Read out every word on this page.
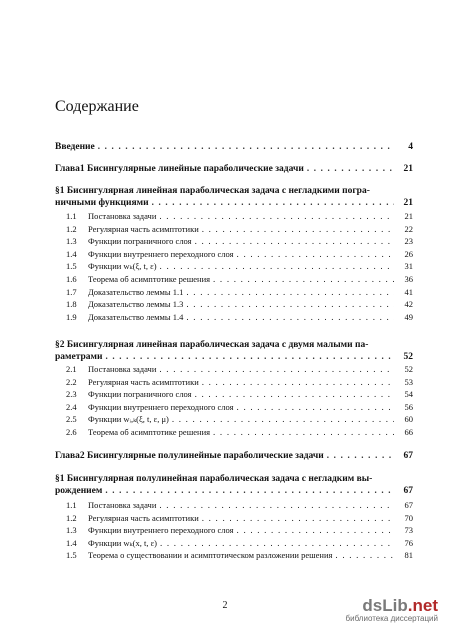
Содержание
Введение . . .	4
Глава1 Бисингулярные линейные параболические задачи . . .	21
§1 Бисингулярная линейная параболическая задача с негладкими погра-
ничными функциями . . .	21
1.1	Постановка задачи . . .	21
1.2	Регулярная часть асимптотики . . .	22
1.3	Функции пограничного слоя . . .	23
1.4	Функции внутреннего переходного слоя . . .	26
1.5	Функции wₖ(ξ, t, ε) . . .	31
1.6	Теорема об асимптотике решения . . .	36
1.7	Доказательство леммы 1.1 . . .	41
1.8	Доказательство леммы 1.3 . . .	42
1.9	Доказательство леммы 1.4 . . .	49
§2 Бисингулярная линейная параболическая задача с двумя малыми па-
раметрами . . .	52
2.1	Постановка задачи . . .	52
2.2	Регулярная часть асимптотики . . .	53
2.3	Функции пограничного слоя . . .	54
2.4	Функции внутреннего переходного слоя . . .	56
2.5	Функции wᵢ,ₖ(ξ, t, ε, μ) . . .	60
2.6	Теорема об асимптотике решения . . .	66
Глава2 Бисингулярные полулинейные параболические задачи . . .	67
§1 Бисингулярная полулинейная параболическая задача с негладким вы-
рождением . . .	67
1.1	Постановка задачи . . .	67
1.2	Регулярная часть асимптотики . . .	70
1.3	Функции внутреннего переходного слоя . . .	73
1.4	Функции wₖ(x, t, ε) . . .	76
1.5	Теорема о существовании и асимптотическом разложении решения . . .	81
2	dsLib.net
библиотека диссертаций
